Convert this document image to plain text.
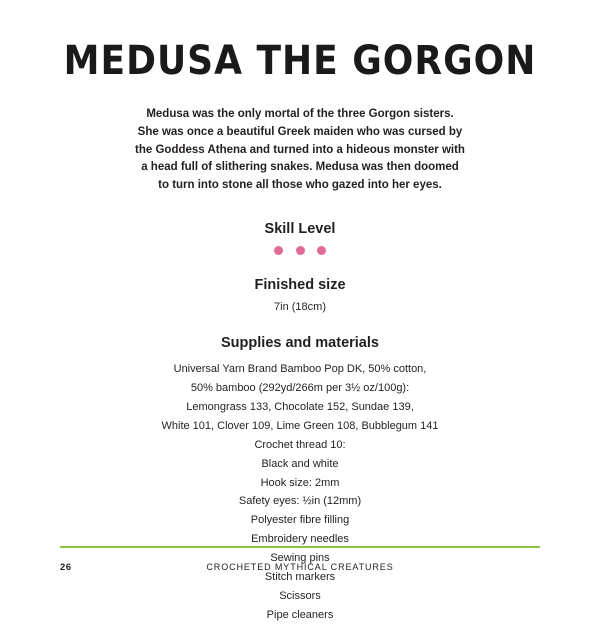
MEDUSA THE GORGON

Medusa was the only mortal of the three Gorgon sisters. She was once a beautiful Greek maiden who was cursed by the Goddess Athena and turned into a hideous monster with a head full of slithering snakes. Medusa was then doomed to turn into stone all those who gazed into her eyes.

Skill Level

Finished size
7in (18cm)
Supplies and materials
Universal Yarn Brand Bamboo Pop DK, 50% cotton,
50% bamboo (292yd/266m per 3½ oz/100g):
Lemongrass 133, Chocolate 152, Sundae 139,
White 101, Clover 109, Lime Green 108, Bubblegum 141
Crochet thread 10:
Black and white
Hook size: 2mm
Safety eyes: ½in (12mm)
Polyester fibre filling
Embroidery needles
Sewing pins
Stitch markers
Scissors
Pipe cleaners
26	CROCHETED MYTHICAL CREATURES
